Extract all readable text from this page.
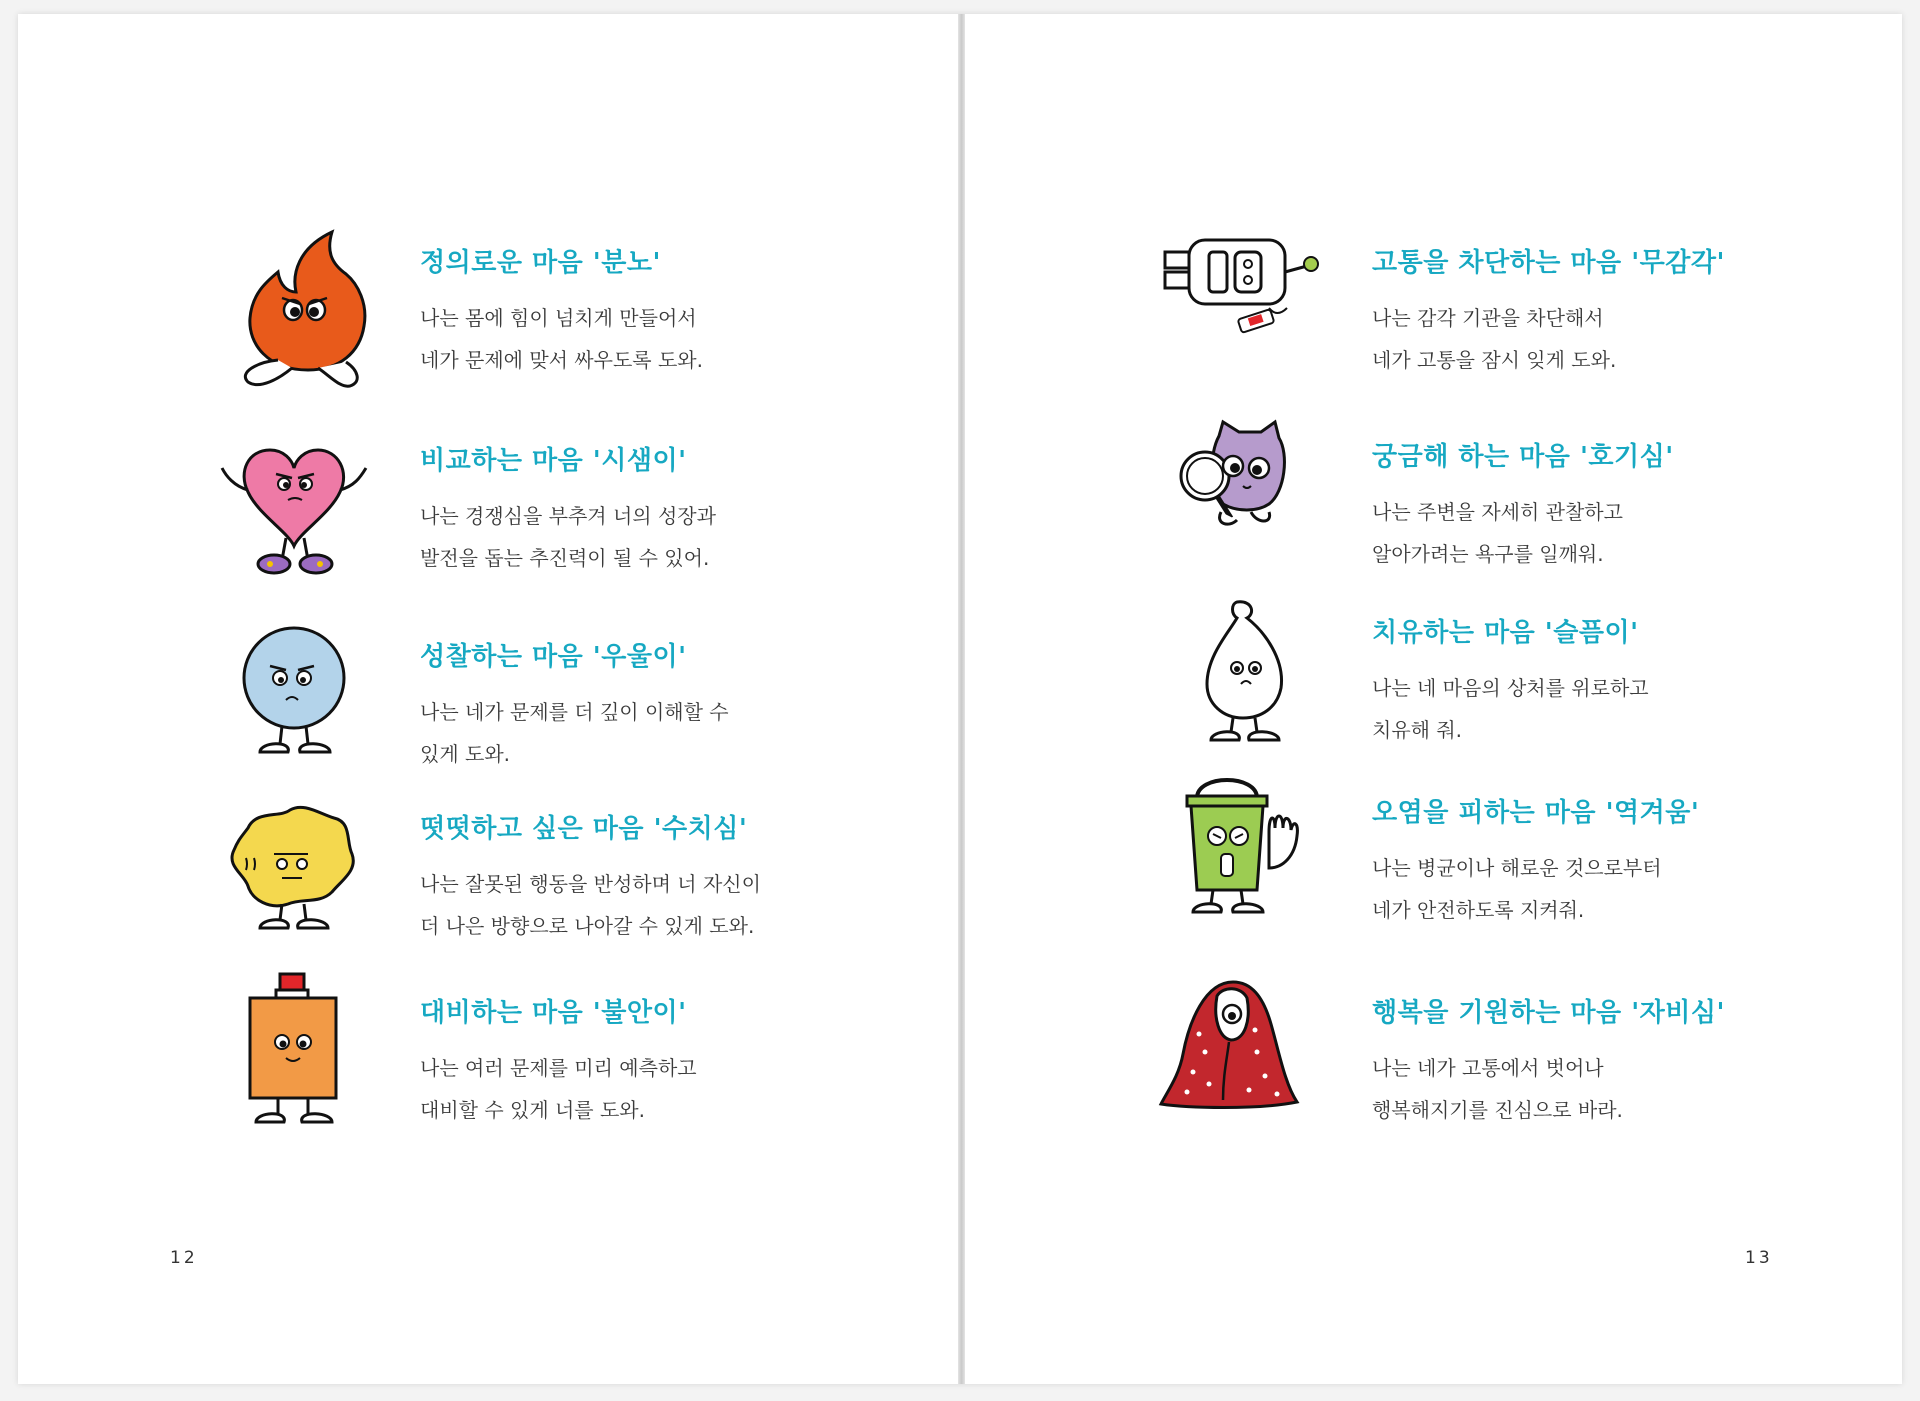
정의로운 마음 '분노'
나는 몸에 힘이 넘치게 만들어서
네가 문제에 맞서 싸우도록 도와.
비교하는 마음 '시샘이'
나는 경쟁심을 부추겨 너의 성장과
발전을 돕는 추진력이 될 수 있어.
성찰하는 마음 '우울이'
나는 네가 문제를 더 깊이 이해할 수
있게 도와.
떳떳하고 싶은 마음 '수치심'
나는 잘못된 행동을 반성하며 너 자신이
더 나은 방향으로 나아갈 수 있게 도와.
대비하는 마음 '불안이'
나는 여러 문제를 미리 예측하고
대비할 수 있게 너를 도와.
12
고통을 차단하는 마음 '무감각'
나는 감각 기관을 차단해서
네가 고통을 잠시 잊게 도와.
궁금해 하는 마음 '호기심'
나는 주변을 자세히 관찰하고
알아가려는 욕구를 일깨워.
치유하는 마음 '슬픔이'
나는 네 마음의 상처를 위로하고
치유해 줘.
오염을 피하는 마음 '역겨움'
나는 병균이나 해로운 것으로부터
네가 안전하도록 지켜줘.
행복을 기원하는 마음 '자비심'
나는 네가 고통에서 벗어나
행복해지기를 진심으로 바라.
13
